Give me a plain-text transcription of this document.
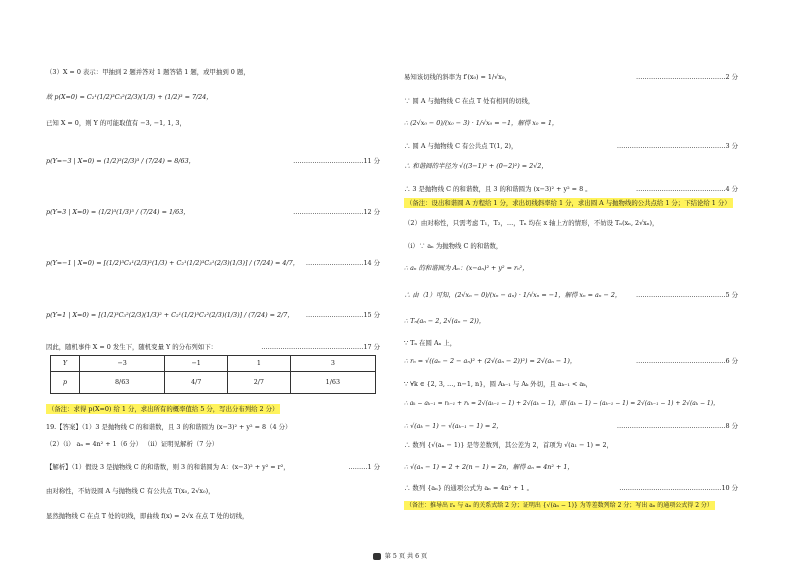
（3）X = 0 表示：甲抽到 2 题并答对 1 题答错 1 题，或甲抽到 0 题，
故 p(X=0) = C₂¹(1/2)³C₃²(2/3)(1/3) + (1/2)³ = 7/24，
已知 X = 0，则 Y 的可能取值有 −3, −1, 1, 3，
p(Y=−3 | X=0) = (1/2)³(2/3)³ / (7/24) = 8/63，	……………………………11 分
p(Y=3 | X=0) = (1/2)³(1/3)³ / (7/24) = 1/63，	……………………………12 分
p(Y=−1 | X=0) = [(1/2)³C₃¹(2/3)²(1/3) + C₂¹(1/2)³C₃¹(2/3)(1/3)] / (7/24) = 4/7， ………………………14 分
p(Y=1 | X=0) = [(1/2)³C₃²(2/3)(1/3)² + C₂¹(1/2)³C₃²(2/3)(1/3)] / (7/24) = 2/7， ………………………15 分
因此，随机事件 X = 0 发生下，随机变量 Y 的分布列如下：	…………………………………………17 分
Y	−3	−1	1	3
p	8/63	4/7	2/7	1/63
（备注：求得 p(X=0) 给 1 分，求出所有的概率值给 5 分，写出分布列给 2 分）
19.【答案】（1）3 是抛物线 C 的和谐数，且 3 的和谐圆为 (x−3)² + y² = 8（4 分）
（2）（i） aₙ = 4n² + 1（6 分） （ii）证明见解析（7 分）
【解析】（1）假设 3 是抛物线 C 的和谐数，则 3 的和谐圆为 A：(x−3)² + y² = r²，	………1 分
由对称性，不妨设圆 A 与抛物线 C 有公共点 T(x₀, 2√x₀)，
显然抛物线 C 在点 T 处的切线，即曲线 f(x) = 2√x 在点 T 处的切线，
易知该切线的斜率为 f′(x₀) = 1/√x₀，	……………………………………2 分
∵ 圆 A 与抛物线 C 在点 T 处有相同的切线，
∴ (2√x₀ − 0)/(x₀ − 3) · 1/√x₀ = −1，解得 x₀ = 1，
∴ 圆 A 与抛物线 C 有公共点 T(1, 2)，	……………………………………………3 分
∴ 和谐圆的半径为 √((3−1)² + (0−2)²) = 2√2，
∴ 3 是抛物线 C 的和谐数，且 3 的和谐圆为 (x−3)² + y² = 8 。	……………………………………4 分
（备注：设出和谐圆 A 方程给 1 分，求出切线斜率给 1 分，求出圆 A 与抛物线的公共点给 1 分；下结论给 1 分）
（2）由对称性，只需考虑 T₁，T₂，…，Tₙ 均在 x 轴上方的情形，不妨设 Tₙ(xₙ, 2√xₙ)，
（i）∵ aₙ 为抛物线 C 的和谐数，
∴ aₙ 的和谐圆为 Aₙ：(x−aₙ)² + y² = rₙ²，
∴ 由（1）可知，(2√xₙ − 0)/(xₙ − aₙ) · 1/√xₙ = −1，解得 xₙ = aₙ − 2， ……………………………………5 分
∴ Tₙ(aₙ − 2, 2√(aₙ − 2))，
∵ Tₙ 在圆 Aₙ 上，
∴ rₙ = √((aₙ − 2 − aₙ)² + (2√(aₙ − 2))²) = 2√(aₙ − 1)，	……………………………………6 分
∵ ∀k ∈ {2, 3, …, n−1, n}，圆 Aₖ₋₁ 与 Aₖ 外切，且 aₖ₋₁ < aₖ，
∴ aₖ − aₖ₋₁ = rₖ₋₁ + rₖ = 2√(aₖ₋₁ − 1) + 2√(aₖ − 1)，即 (aₖ − 1) − (aₖ₋₁ − 1) = 2√(aₖ₋₁ − 1) + 2√(aₖ − 1)，
∴ √(aₖ − 1) − √(aₖ₋₁ − 1) = 2，	……………………………………………8 分
∴ 数列 {√(aₙ − 1)} 是等差数列，其公差为 2，首项为 √(a₁ − 1) = 2，
∴ √(aₙ − 1) = 2 + 2(n − 1) = 2n，解得 aₙ = 4n² + 1，
∴ 数列 {aₙ} 的通项公式为 aₙ = 4n² + 1 。	…………………………………………10 分
（备注：推导出 rₙ 与 aₙ 的关系式给 2 分；证明出 {√(aₙ − 1)} 为等差数列给 2 分；写出 aₙ 的通项公式得 2 分）
第 5 页 共 6 页
